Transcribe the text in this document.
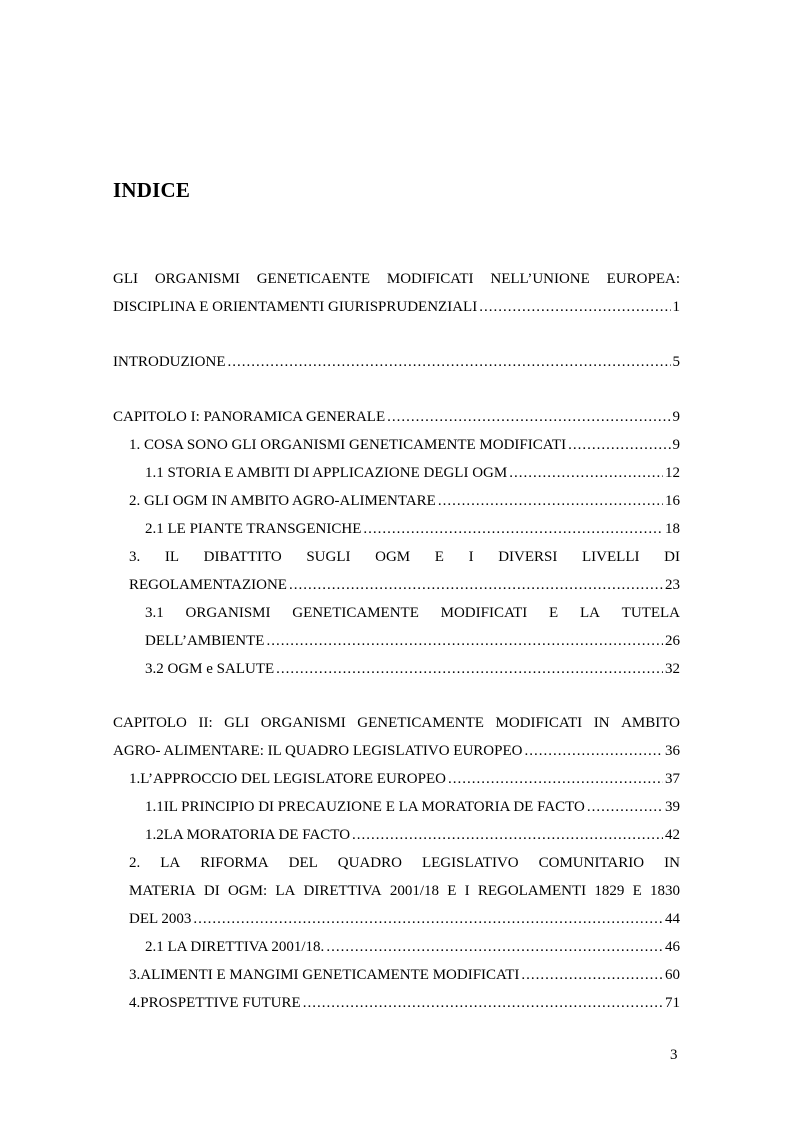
INDICE
GLI ORGANISMI GENETICAENTE MODIFICATI NELL’UNIONE EUROPEA:
DISCIPLINA E ORIENTAMENTI GIURISPRUDENZIALI .....	1
INTRODUZIONE .....	5
CAPITOLO I: PANORAMICA GENERALE .....	9
1. COSA SONO GLI ORGANISMI GENETICAMENTE MODIFICATI .....	9
1.1 STORIA E AMBITI DI APPLICAZIONE DEGLI OGM .....	12
2. GLI OGM IN AMBITO AGRO-ALIMENTARE .....	16
2.1 LE PIANTE TRANSGENICHE .....	18
3. IL DIBATTITO SUGLI OGM E I DIVERSI LIVELLI DI
REGOLAMENTAZIONE .....	23
3.1 ORGANISMI GENETICAMENTE MODIFICATI E LA TUTELA
DELL’AMBIENTE .....	26
3.2 OGM e SALUTE .....	32
CAPITOLO II: GLI ORGANISMI GENETICAMENTE MODIFICATI IN AMBITO
AGRO- ALIMENTARE: IL QUADRO LEGISLATIVO EUROPEO .....	36
1. L’APPROCCIO DEL LEGISLATORE EUROPEO .....	37
1.1 IL PRINCIPIO DI PRECAUZIONE E LA MORATORIA DE FACTO .....	39
1.2 LA MORATORIA DE FACTO .....	42
2. LA RIFORMA DEL QUADRO LEGISLATIVO COMUNITARIO IN
MATERIA DI OGM: LA DIRETTIVA 2001/18 E I REGOLAMENTI 1829 E 1830
DEL 2003 .....	44
2.1 LA DIRETTIVA 2001/18. .....	46
3. ALIMENTI E MANGIMI GENETICAMENTE MODIFICATI .....	60
4. PROSPETTIVE FUTURE .....	71
3
